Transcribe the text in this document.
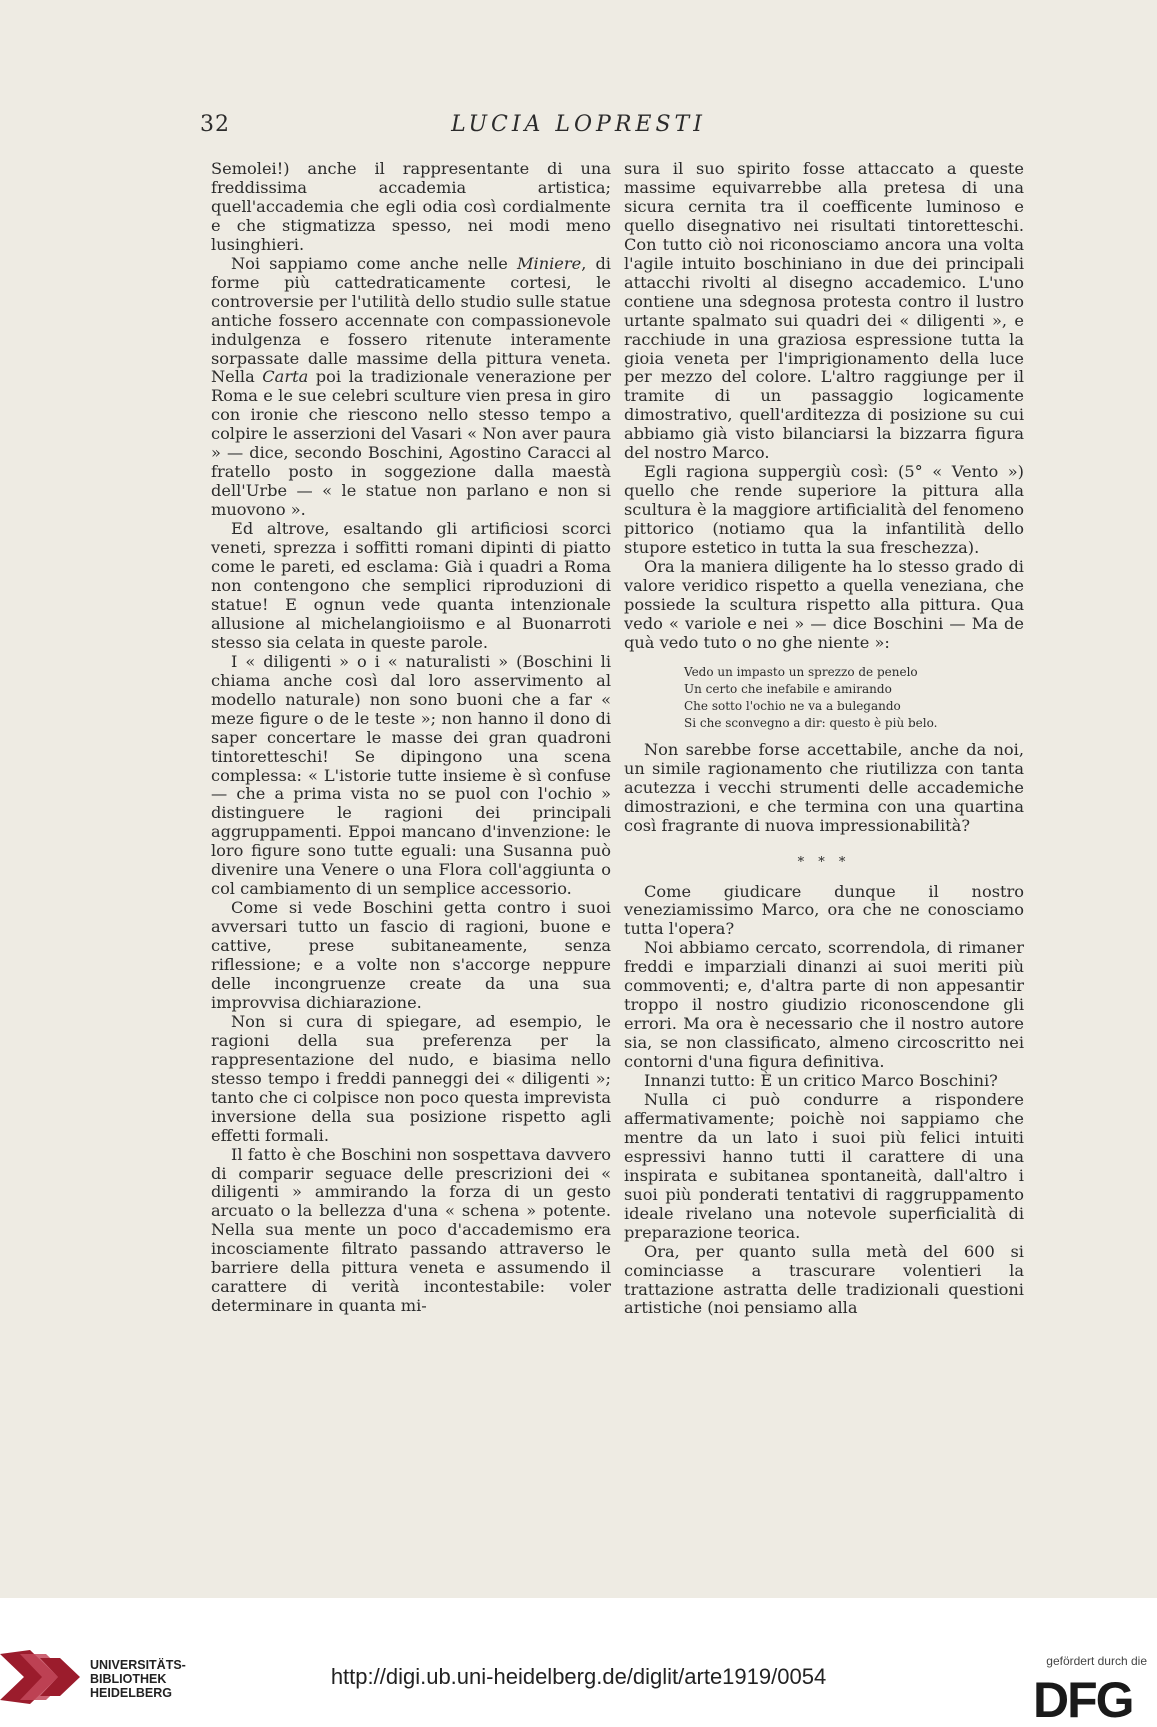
32	LUCIA LOPRESTI

Semolei!) anche il rappresentante di una freddissima accademia artistica; quell'accademia che egli odia così cordialmente e che stigmatizza spesso, nei modi meno lusinghieri.

Noi sappiamo come anche nelle Miniere, di forme più cattedraticamente cortesi, le controversie per l'utilità dello studio sulle statue antiche fossero accennate con compassionevole indulgenza e fossero ritenute interamente sorpassate dalle massime della pittura veneta. Nella Carta poi la tradizionale venerazione per Roma e le sue celebri sculture vien presa in giro con ironie che riescono nello stesso tempo a colpire le asserzioni del Vasari « Non aver paura » — dice, secondo Boschini, Agostino Caracci al fratello posto in soggezione dalla maestà dell'Urbe — « le statue non parlano e non si muovono ».

Ed altrove, esaltando gli artificiosi scorci veneti, sprezza i soffitti romani dipinti di piatto come le pareti, ed esclama: Già i quadri a Roma non contengono che semplici riproduzioni di statue! E ognun vede quanta intenzionale allusione al michelangioiismo e al Buonarroti stesso sia celata in queste parole.

I « diligenti » o i « naturalisti » (Boschini li chiama anche così dal loro asservimento al modello naturale) non sono buoni che a far « meze figure o de le teste »; non hanno il dono di saper concertare le masse dei gran quadroni tintoretteschi! Se dipingono una scena complessa: « L'istorie tutte insieme è sì confuse — che a prima vista no se puol con l'ochio » distinguere le ragioni dei principali aggruppamenti. Eppoi mancano d'invenzione: le loro figure sono tutte eguali: una Susanna può divenire una Venere o una Flora coll'aggiunta o col cambiamento di un semplice accessorio.

Come si vede Boschini getta contro i suoi avversari tutto un fascio di ragioni, buone e cattive, prese subitaneamente, senza riflessione; e a volte non s'accorge neppure delle incongruenze create da una sua improvvisa dichiarazione.

Non si cura di spiegare, ad esempio, le ragioni della sua preferenza per la rappresentazione del nudo, e biasima nello stesso tempo i freddi panneggi dei « diligenti »; tanto che ci colpisce non poco questa imprevista inversione della sua posizione rispetto agli effetti formali.

Il fatto è che Boschini non sospettava davvero di comparir seguace delle prescrizioni dei « diligenti » ammirando la forza di un gesto arcuato o la bellezza d'una « schena » potente. Nella sua mente un poco d'accademismo era incosciamente filtrato passando attraverso le barriere della pittura veneta e assumendo il carattere di verità incontestabile: voler determinare in quanta mi-

sura il suo spirito fosse attaccato a queste massime equivarrebbe alla pretesa di una sicura cernita tra il coefficente luminoso e quello disegnativo nei risultati tintoretteschi. Con tutto ciò noi riconosciamo ancora una volta l'agile intuito boschiniano in due dei principali attacchi rivolti al disegno accademico. L'uno contiene una sdegnosa protesta contro il lustro urtante spalmato sui quadri dei « diligenti », e racchiude in una graziosa espressione tutta la gioia veneta per l'imprigionamento della luce per mezzo del colore. L'altro raggiunge per il tramite di un passaggio logicamente dimostrativo, quell'arditezza di posizione su cui abbiamo già visto bilanciarsi la bizzarra figura del nostro Marco.

Egli ragiona suppergiù così: (5° « Vento ») quello che rende superiore la pittura alla scultura è la maggiore artificialità del fenomeno pittorico (notiamo qua la infantilità dello stupore estetico in tutta la sua freschezza).

Ora la maniera diligente ha lo stesso grado di valore veridico rispetto a quella veneziana, che possiede la scultura rispetto alla pittura. Qua vedo « variole e nei » — dice Boschini — Ma de quà vedo tuto o no ghe niente »:

Vedo un impasto un sprezzo de penelo
Un certo che inefabile e amirando
Che sotto l'ochio ne va a bulegando
Si che sconvegno a dir: questo è più belo.

Non sarebbe forse accettabile, anche da noi, un simile ragionamento che riutilizza con tanta acutezza i vecchi strumenti delle accademiche dimostrazioni, e che termina con una quartina così fragrante di nuova impressionabilità?

* * *

Come giudicare dunque il nostro veneziamissimo Marco, ora che ne conosciamo tutta l'opera?

Noi abbiamo cercato, scorrendola, di rimaner freddi e imparziali dinanzi ai suoi meriti più commoventi; e, d'altra parte di non appesantir troppo il nostro giudizio riconoscendone gli errori. Ma ora è necessario che il nostro autore sia, se non classificato, almeno circoscritto nei contorni d'una figura definitiva.

Innanzi tutto: È un critico Marco Boschini?

Nulla ci può condurre a rispondere affermativamente; poichè noi sappiamo che mentre da un lato i suoi più felici intuiti espressivi hanno tutti il carattere di una inspirata e subitanea spontaneità, dall'altro i suoi più ponderati tentativi di raggruppamento ideale rivelano una notevole superficialità di preparazione teorica.

Ora, per quanto sulla metà del 600 si cominciasse a trascurare volentieri la trattazione astratta delle tradizionali questioni artistiche (noi pensiamo alla

UNIVERSITÄTS-
BIBLIOTHEK
HEIDELBERG
http://digi.ub.uni-heidelberg.de/diglit/arte1919/0054
gefördert durch die
DFG
